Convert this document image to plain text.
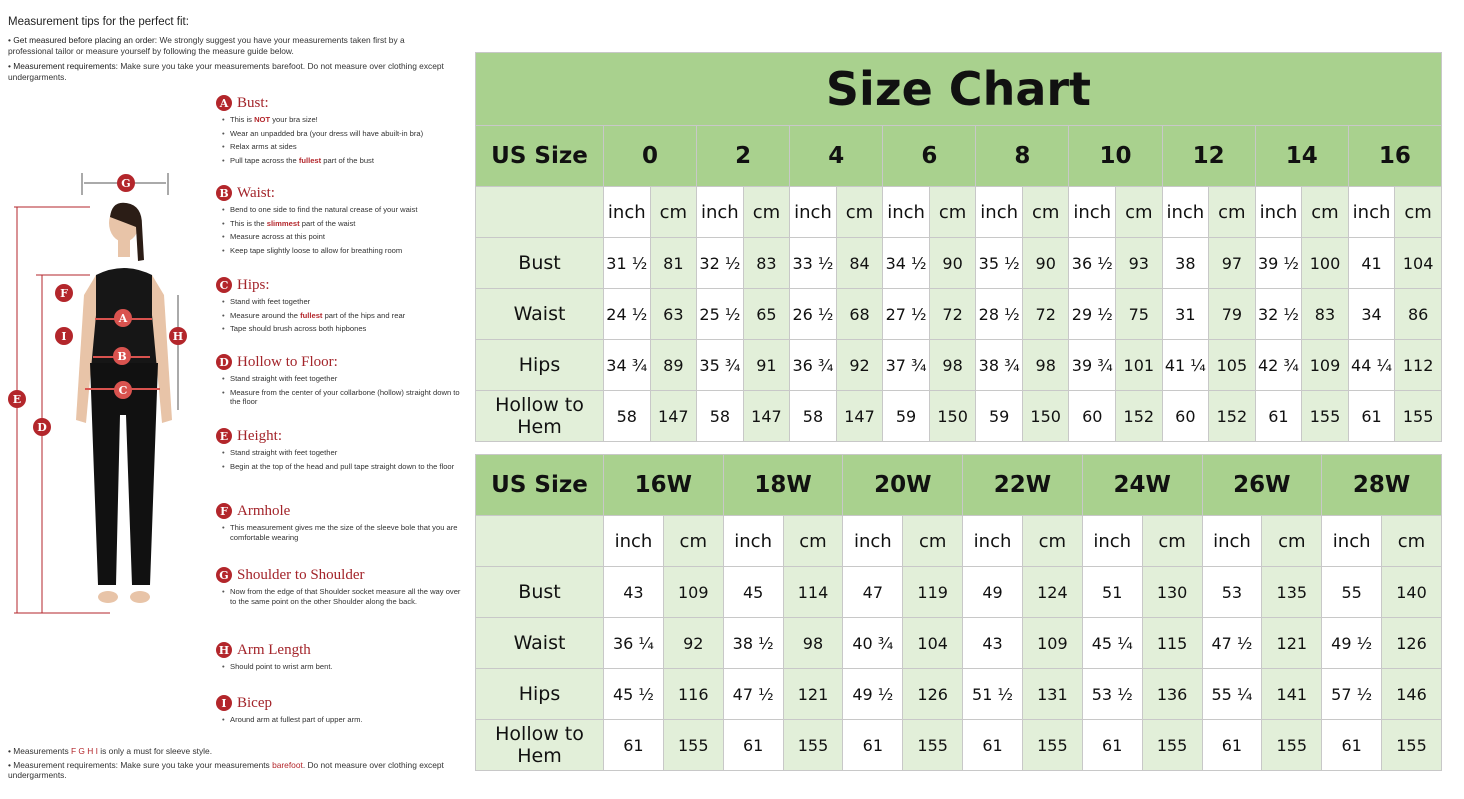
Measurement tips for the perfect fit:
• Get measured before placing an order: We strongly suggest you have your measurements taken first by a professional tailor or measure yourself by following the measure guide below.
• Measurement requirements: Make sure you take your measurements barefoot. Do not measure over clothing except undergarments.
G
A
B
C
F
I	H
E
D
A Bust:
• This is NOT your bra size!
• Wear an unpadded bra (your dress will have abuilt-in bra)
• Relax arms at sides
• Pull tape across the fullest part of the bust
B Waist:
• Bend to one side to find the natural crease of your waist
• This is the slimmest part of the waist
• Measure across at this point
• Keep tape slightly loose to allow for breathing room
C Hips:
• Stand with feet together
• Measure around the fullest part of the hips and rear
• Tape should brush across both hipbones
D Hollow to Floor:
• Stand straight with feet together
• Measure from the center of your collarbone (hollow) straight down to the floor
E Height:
• Stand straight with feet together
• Begin at the top of the head and pull tape straight down to the floor
F Armhole
• This measurement gives me the size of the sleeve bole that you are comfortable wearing
G Shoulder to Shoulder
• Now from the edge of that Shoulder socket measure all the way over to the same point on the other Shoulder along the back.
H Arm Length
• Should point to wrist arm bent.
I Bicep
• Around arm at fullest part of upper arm.
• Measurements F G H I is only a must for sleeve style.
• Measurement requirements: Make sure you take your measurements barefoot. Do not measure over clothing except undergarments.
Size Chart																		
US Size	0		2		4		6		8		10		12		14		16	
	inch	cm	inch	cm	inch	cm	inch	cm	inch	cm	inch	cm	inch	cm	inch	cm	inch	cm
Bust	31 ½	81	32 ½	83	33 ½	84	34 ½	90	35 ½	90	36 ½	93	38	97	39 ½	100	41	104
Waist	24 ½	63	25 ½	65	26 ½	68	27 ½	72	28 ½	72	29 ½	75	31	79	32 ½	83	34	86
Hips	34 ¾	89	35 ¾	91	36 ¾	92	37 ¾	98	38 ¾	98	39 ¾	101	41 ¼	105	42 ¾	109	44 ¼	112
Hollow to Hem	58	147	58	147	58	147	59	150	59	150	60	152	60	152	61	155	61	155
US Size	16W		18W		20W		22W		24W		26W		28W	
	inch	cm	inch	cm	inch	cm	inch	cm	inch	cm	inch	cm	inch	cm
Bust	43	109	45	114	47	119	49	124	51	130	53	135	55	140
Waist	36 ¼	92	38 ½	98	40 ¾	104	43	109	45 ¼	115	47 ½	121	49 ½	126
Hips	45 ½	116	47 ½	121	49 ½	126	51 ½	131	53 ½	136	55 ¼	141	57 ½	146
Hollow to Hem	61	155	61	155	61	155	61	155	61	155	61	155	61	155
